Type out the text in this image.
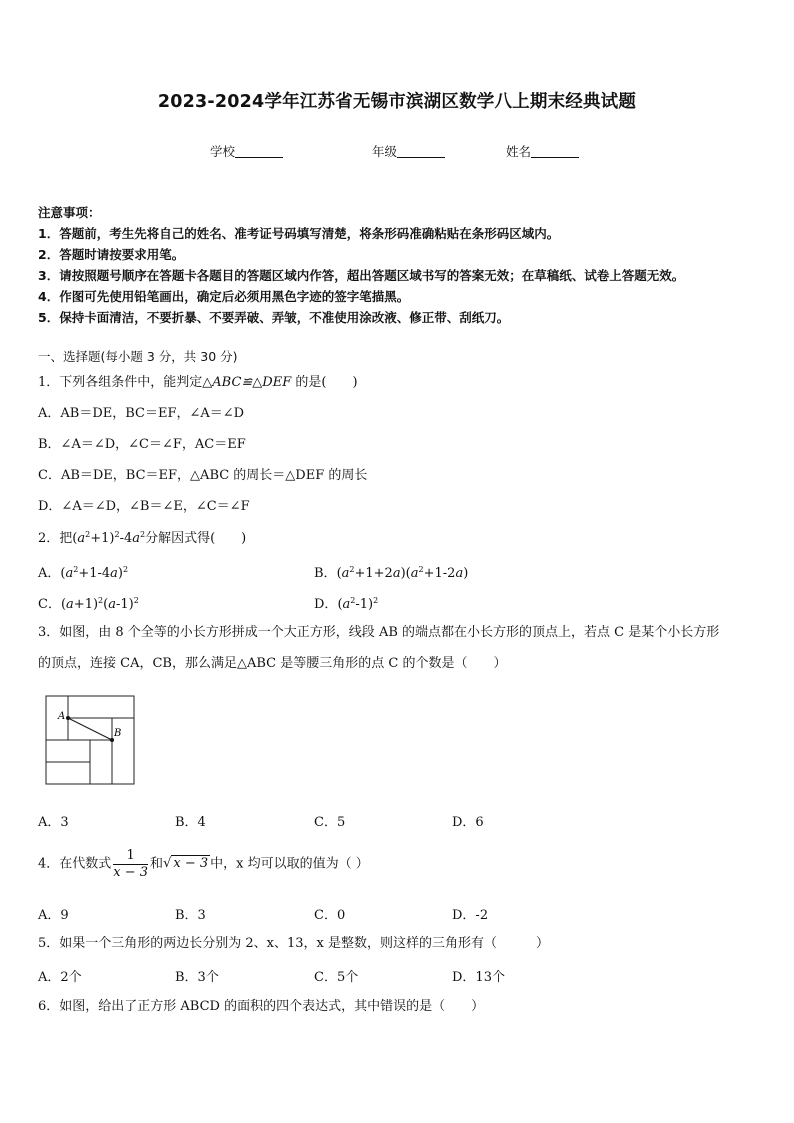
2023-2024学年江苏省无锡市滨湖区数学八上期末经典试题
学校	年级	姓名
注意事项：
1．答题前，考生先将自己的姓名、准考证号码填写清楚，将条形码准确粘贴在条形码区域内。
2．答题时请按要求用笔。
3．请按照题号顺序在答题卡各题目的答题区域内作答，超出答题区域书写的答案无效；在草稿纸、试卷上答题无效。
4．作图可先使用铅笔画出，确定后必须用黑色字迹的签字笔描黑。
5．保持卡面清洁，不要折暴、不要弄破、弄皱，不准使用涂改液、修正带、刮纸刀。
一、选择题(每小题 3 分，共 30 分)
1．下列各组条件中，能判定△ABC≌△DEF 的是(　　)
A．AB＝DE，BC＝EF，∠A＝∠D
B．∠A＝∠D，∠C＝∠F，AC＝EF
C．AB＝DE，BC＝EF，△ABC 的周长＝△DEF 的周长
D．∠A＝∠D，∠B＝∠E，∠C＝∠F
2．把$(a^2+1)^2-4a^2$分解因式得(　　)
A．$(a^2+1-4a)^2$	B．$(a^2+1+2a)(a^2+1-2a)$
C．$(a+1)^2(a-1)^2$	D．$(a^2-1)^2$
3．如图，由 8 个全等的小长方形拼成一个大正方形，线段 AB 的端点都在小长方形的顶点上，若点 C 是某个小长方形
的顶点，连接 CA，CB，那么满足△ABC 是等腰三角形的点 C 的个数是（　　）
A
B
A．3	B．4	C．5	D．6
4．在代数式 $\frac{1}{x - 3}$ 和√ x − 3 中，x 均可以取的值为（ ）
A．9	B．3	C．0	D．-2
5．如果一个三角形的两边长分别为 2、x、13，x 是整数，则这样的三角形有（　　　）
A．2个	B．3个	C．5个	D．13个
6．如图，给出了正方形 ABCD 的面积的四个表达式，其中错误的是（　　）
